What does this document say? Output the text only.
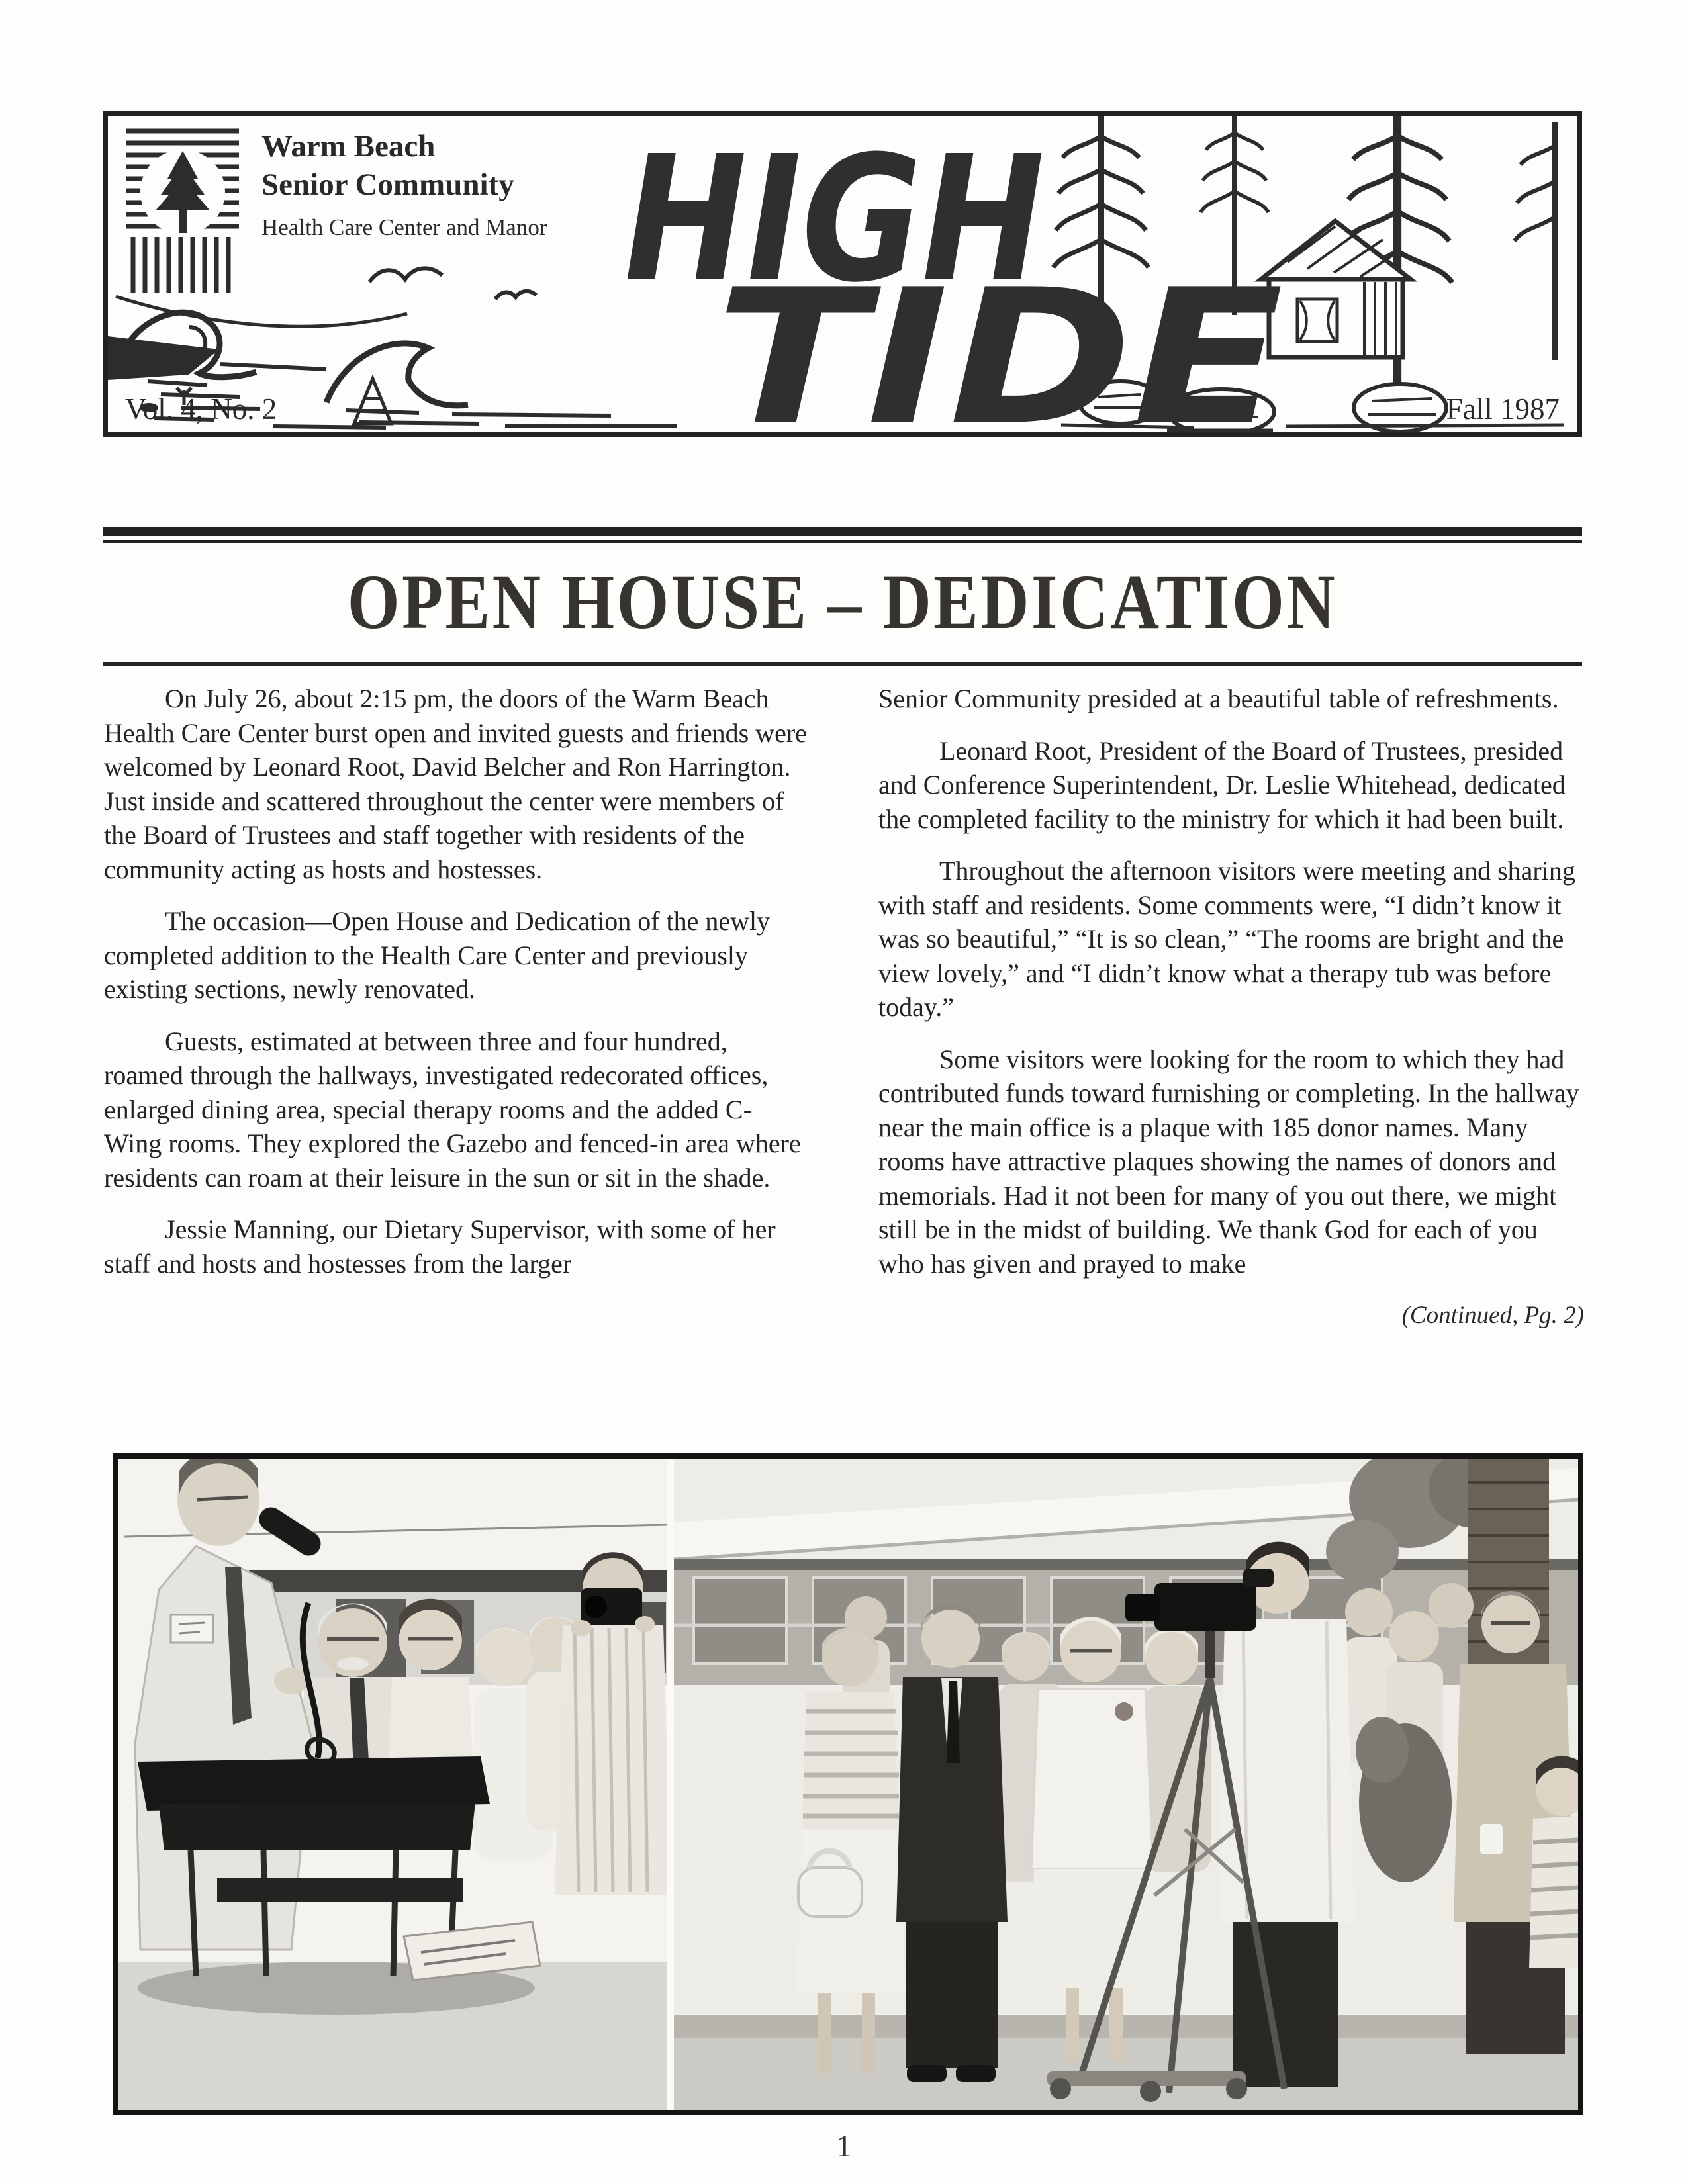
HIGH
TIDE
Warm Beach
Senior Community
Health Care Center and Manor
Vol. 4, No. 2	Fall 1987
OPEN HOUSE – DEDICATION

On July 26, about 2:15 pm, the doors of the Warm Beach Health Care Center burst open and invited guests and friends were welcomed by Leonard Root, David Belcher and Ron Harrington. Just inside and scattered throughout the center were members of the Board of Trustees and staff together with residents of the community acting as hosts and hostesses.

The occasion—Open House and Dedication of the newly completed addition to the Health Care Center and previously existing sections, newly renovated.

Guests, estimated at between three and four hundred, roamed through the hallways, investigated redecorated offices, enlarged dining area, special therapy rooms and the added C-Wing rooms. They explored the Gazebo and fenced-in area where residents can roam at their leisure in the sun or sit in the shade.

Jessie Manning, our Dietary Supervisor, with some of her staff and hosts and hostesses from the larger

Senior Community presided at a beautiful table of refreshments.

Leonard Root, President of the Board of Trustees, presided and Conference Superintendent, Dr. Leslie Whitehead, dedicated the completed facility to the ministry for which it had been built.

Throughout the afternoon visitors were meeting and sharing with staff and residents. Some comments were, “I didn’t know it was so beautiful,” “It is so clean,” “The rooms are bright and the view lovely,” and “I didn’t know what a therapy tub was before today.”

Some visitors were looking for the room to which they had contributed funds toward furnishing or completing. In the hallway near the main office is a plaque with 185 donor names. Many rooms have attractive plaques showing the names of donors and memorials. Had it not been for many of you out there, we might still be in the midst of building. We thank God for each of you who has given and prayed to make

(Continued, Pg. 2)

1
